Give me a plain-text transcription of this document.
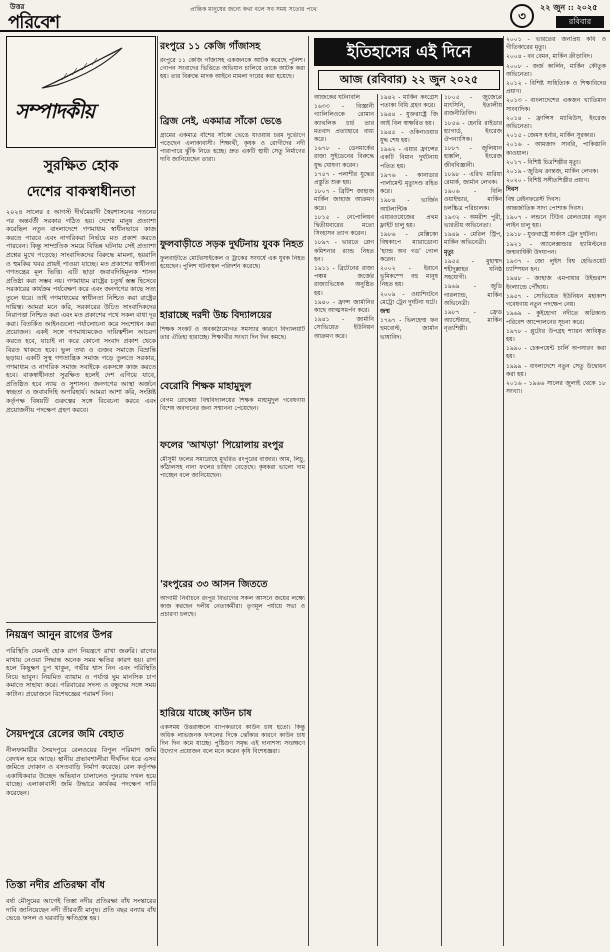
উত্তর
পরিবেশ
প্রান্তিক মানুষের জন্যে কথা বলে সব সময় সত্যের পথে	৩
২২ জুন :: ২০২৫
রবিবার
সম্পাদকীয়
সুরক্ষিত হোক
দেশের বাকস্বাধীনতা
২০২৪ সালের ৫ আগস্ট দীর্ঘমেয়াদী স্বৈরশাসনের পতনের পর অন্তর্বর্তী সরকার গঠিত হয়। দেশের মানুষ প্রত্যাশা করেছিল নতুন বাংলাদেশে গণমাধ্যম স্বাধীনভাবে কাজ করতে পারবে এবং নাগরিকরা নির্ভয়ে মত প্রকাশ করতে পারবেন। কিন্তু সাম্প্রতিক সময়ে বিভিন্ন ঘটনায় সেই প্রত্যাশা প্রশ্নের মুখে পড়েছে। সাংবাদিকদের বিরুদ্ধে মামলা, হয়রানি ও হুমকির খবর প্রায়ই পাওয়া যাচ্ছে। মত প্রকাশের স্বাধীনতা গণতন্ত্রের মূল ভিত্তি। এটি ছাড়া জবাবদিহিমূলক শাসন প্রতিষ্ঠা করা সম্ভব নয়। গণমাধ্যম রাষ্ট্রের চতুর্থ স্তম্ভ হিসেবে সরকারের কার্যক্রম পর্যবেক্ষণ করে এবং জনগণের কাছে সত্য তুলে ধরে। তাই গণমাধ্যমের স্বাধীনতা নিশ্চিত করা রাষ্ট্রের দায়িত্ব। আমরা মনে করি, সরকারের উচিত সাংবাদিকদের নিরাপত্তা নিশ্চিত করা এবং মত প্রকাশের পথে সকল বাধা দূর করা। বিতর্কিত আইনগুলো পর্যালোচনা করে সংশোধন করা প্রয়োজন। একই সঙ্গে গণমাধ্যমকেও দায়িত্বশীল আচরণ করতে হবে, যাচাই না করে কোনো সংবাদ প্রকাশ থেকে বিরত থাকতে হবে। ভুল তথ্য ও গুজব সমাজে বিভ্রান্তি ছড়ায়। একটি সুস্থ গণতান্ত্রিক সমাজ গড়ে তুলতে সরকার, গণমাধ্যম ও নাগরিক সমাজ সবাইকে একসঙ্গে কাজ করতে হবে। বাকস্বাধীনতা সুরক্ষিত হলেই দেশ এগিয়ে যাবে, প্রতিষ্ঠিত হবে ন্যায় ও সুশাসন। জনগণের আস্থা অর্জনে স্বচ্ছতা ও জবাবদিহি অপরিহার্য। আমরা আশা করি, সংশ্লিষ্ট কর্তৃপক্ষ বিষয়টি গুরুত্বের সঙ্গে বিবেচনা করবে এবং প্রয়োজনীয় পদক্ষেপ গ্রহণ করবে।
নিয়ন্ত্রণ আনুন রাগের উপর
পরিস্থিতি যেমনই হোক রাগ নিয়ন্ত্রণে রাখা জরুরি। রাগের মাথায় নেওয়া সিদ্ধান্ত অনেক সময় ক্ষতির কারণ হয়। রাগ হলে কিছুক্ষণ চুপ থাকুন, গভীর শ্বাস নিন এবং পরিস্থিতি নিয়ে ভাবুন। নিয়মিত ব্যায়াম ও পর্যাপ্ত ঘুম মানসিক চাপ কমাতে সাহায্য করে। পরিবারের সদস্য ও বন্ধুদের সঙ্গে সময় কাটান। প্রয়োজনে বিশেষজ্ঞের পরামর্শ নিন।
সৈয়দপুরে রেলের জমি বেহাত
নীলফামারীর সৈয়দপুরে রেলওয়ের বিপুল পরিমাণ জমি বেদখল হয়ে আছে। স্থানীয় প্রভাবশালীরা দীর্ঘদিন ধরে এসব জমিতে দোকান ও বসতবাড়ি নির্মাণ করেছে। রেল কর্তৃপক্ষ একাধিকবার উচ্ছেদ অভিযান চালালেও পুনরায় দখল হয়ে যাচ্ছে। এলাকাবাসী জমি উদ্ধারে কার্যকর পদক্ষেপ দাবি করেছেন।
তিস্তা নদীর প্রতিরক্ষা বাঁধ
বর্ষা মৌসুমের আগেই তিস্তা নদীর প্রতিরক্ষা বাঁধ সংস্কারের দাবি জানিয়েছেন নদী তীরবর্তী মানুষ। প্রতি বছর বন্যায় বাঁধ ভেঙে ফসল ও ঘরবাড়ি ক্ষতিগ্রস্ত হয়।
রংপুরে ১১ কেজি গাঁজাসহ
রংপুরে ১১ কেজি গাঁজাসহ একজনকে আটক করেছে পুলিশ। গোপন সংবাদের ভিত্তিতে অভিযান চালিয়ে তাকে আটক করা হয়। তার বিরুদ্ধে মাদক আইনে মামলা দায়ের করা হয়েছে।
ব্রিজ নেই, একমাত্র সাঁকো ভেঙে
গ্রামের একমাত্র বাঁশের সাঁকো ভেঙে যাওয়ায় চরম দুর্ভোগে পড়েছেন এলাকাবাসী। শিক্ষার্থী, কৃষক ও রোগীদের নদী পারাপারে ঝুঁকি নিতে হচ্ছে। দ্রুত একটি স্থায়ী সেতু নির্মাণের দাবি জানিয়েছেন তারা।
ফুলবাড়ীতে সড়ক দুর্ঘটনায় যুবক নিহত
ফুলবাড়ীতে মোটরসাইকেল ও ট্রাকের সংঘর্ষে এক যুবক নিহত হয়েছেন। পুলিশ ঘটনাস্থল পরিদর্শন করেছে।
হারাচ্ছে দরদী উচ্চ বিদ্যালয়ের
শিক্ষক সংকট ও অবকাঠামোগত সমস্যার কারণে বিদ্যালয়টি তার ঐতিহ্য হারাচ্ছে। শিক্ষার্থীর সংখ্যা দিন দিন কমছে।
বেরোবি শিক্ষক মাহামুদুল
বেগম রোকেয়া বিশ্ববিদ্যালয়ের শিক্ষক মাহামুদুল গবেষণায় বিশেষ অবদানের জন্য সম্মাননা পেয়েছেন।
ফলের 'আখড়া' পিয়োলায় রংপুর
মৌসুমী ফলের সমারোহে মুখরিত রংপুরের বাজার। আম, লিচু, কাঁঠালসহ নানা ফলের চাহিদা বেড়েছে। কৃষকরা ভালো দাম পাচ্ছেন বলে জানিয়েছেন।
'রংপুরের ৩৩ আসন জিততে
আগামী নির্বাচনে রংপুর বিভাগের সকল আসনে জয়ের লক্ষ্যে কাজ করছেন দলীয় নেতাকর্মীরা। তৃণমূল পর্যায়ে সভা ও প্রচারণা চলছে।
হারিয়ে যাচ্ছে কাউন চাষ
একসময় উত্তরাঞ্চলে ব্যাপকভাবে কাউন চাষ হতো। কিন্তু অধিক লাভজনক ফসলের দিকে ঝোঁকার কারণে কাউন চাষ দিন দিন কমে যাচ্ছে। পুষ্টিগুণ সমৃদ্ধ এই দানাশস্য সংরক্ষণে উদ্যোগ প্রয়োজন বলে মনে করেন কৃষি বিশেষজ্ঞরা।
ইতিহাসের এই দিনে
আজ (রবিবার) ২২ জুন ২০২৫

আজকের ঘটনাবলি

১৬৩৩ - বিজ্ঞানী গ্যালিলিওকে রোমান ক্যাথলিক চার্চ তার মতবাদ প্রত্যাহারে বাধ্য করে।

১৬৭৮ - ডেনমার্কের রাজা সুইডেনের বিরুদ্ধে যুদ্ধ ঘোষণা করেন।

১৭৫৭ - পলাশীর যুদ্ধের প্রস্তুতি শুরু হয়।

১৮০৭ - ব্রিটিশ জাহাজ মার্কিন জাহাজ আক্রমণ করে।

১৮১৫ - নেপোলিয়ন দ্বিতীয়বারের মতো সিংহাসন ত্যাগ করেন।

১৮৯৭ - ভারতে প্লেগ কমিশনার র‍্যান্ড নিহত হন।

১৯১১ - ব্রিটেনের রাজা পঞ্চম জর্জের রাজ্যাভিষেক অনুষ্ঠিত হয়।

১৯৪০ - ফ্রান্স জার্মানির কাছে আত্মসমর্পণ করে।

১৯৪১ - জার্মানি সোভিয়েত ইউনিয়ন আক্রমণ করে।

১৯৪২ - মার্কিন কংগ্রেস পতাকা বিধি গ্রহণ করে।

১৯৪৪ - যুক্তরাষ্ট্রে জি আই বিল স্বাক্ষরিত হয়।

১৯৪৫ - ওকিনাওয়ার যুদ্ধ শেষ হয়।

১৯৬২ - এয়ার ফ্রান্সের একটি বিমান দুর্ঘটনায় পতিত হয়।

১৯৭৬ - কানাডার পার্লামেন্ট মৃত্যুদণ্ড রহিত করে।

১৯৮৪ - ভার্জিন আটলান্টিক এয়ারওয়েজের প্রথম ফ্লাইট চালু হয়।

১৯৮৬ - মেক্সিকো বিশ্বকাপে ম্যারাডোনা 'হ্যান্ড অব গড' গোল করেন।

২০০২ - ইরানে ভূমিকম্পে বহু মানুষ নিহত হয়।

২০০৯ - ওয়াশিংটনে মেট্রো ট্রেন দুর্ঘটনা ঘটে।

জন্ম

১৭৬৭ - ভিলহেল্ম ফন হুমবোল্ট, জার্মান ভাষাবিদ।

১৮০৫ - জুজেপ্পে মাৎসিনি, ইতালীয় রাজনীতিবিদ।

১৮৫৬ - হেনরি রাইডার হ্যাগার্ড, ইংরেজ ঔপন্যাসিক।

১৮৮৭ - জুলিয়ান হাক্সলি, ইংরেজ জীববিজ্ঞানী।

১৮৯৮ - এরিখ মারিয়া রেমার্ক, জার্মান লেখক।

১৯০৬ - বিলি ওয়াইল্ডার, মার্কিন চলচ্চিত্র পরিচালক।

১৯৩২ - অমরীশ পুরী, ভারতীয় অভিনেতা।

১৯৪৯ - মেরিল স্ট্রিপ, মার্কিন অভিনেত্রী।

মৃত্যু

১৯৫৫ - মুহাম্মদ শহীদুল্লাহর ঘনিষ্ঠ সহযোগী।

১৯৬৯ - জুডি গারল্যান্ড, মার্কিন অভিনেত্রী।

১৯৮৭ - ফ্রেড অ্যাস্টেয়ার, মার্কিন নৃত্যশিল্পী।

২০০১ - ভারতের জনপ্রিয় কবি ও গীতিকারের মৃত্যু।

২০০৪ - বব বেমন, মার্কিন ক্রীড়াবিদ।

২০০৮ - জর্জ কার্লিন, মার্কিন কৌতুক অভিনেতা।

২০১২ - বিশিষ্ট সাহিত্যিক ও শিক্ষাবিদের প্রয়াণ।

২০১৩ - বাংলাদেশের একজন খ্যাতিমান সাংবাদিক।

২০১৪ - ফ্রান্সিস ম্যাথিউস, ইংরেজ অভিনেতা।

২০১৫ - জেমস হর্নার, মার্কিন সুরকার।

২০১৬ - আমজাদ সাবরি, পাকিস্তানি কাওয়াল।

২০১৭ - বিশিষ্ট চিত্রশিল্পীর মৃত্যু।

২০১৯ - জুডিথ ক্রান্তজ, মার্কিন লেখক।

২০২০ - বিশিষ্ট সঙ্গীতশিল্পীর প্রয়াণ।

দিবস

বিশ্ব রেইনফরেস্ট দিবস।

আন্তর্জাতিক সাদা পোশাক দিবস।

১৯০৭ - লন্ডনে টিউব রেলওয়ের নতুন লাইন চালু হয়।

১৯১৮ - যুক্তরাষ্ট্রে সার্কাস ট্রেন দুর্ঘটনা।

১৯২১ - অ্যালেক্সান্ডার হ্যামিল্টনের জন্মবার্ষিকী উদযাপন।

১৯৩৭ - জো লুইস বিশ্ব হেভিওয়েট চ্যাম্পিয়ন হন।

১৯৪৮ - জাহাজ এমপায়ার উইন্ডরাশ ইংল্যান্ডে পৌঁছায়।

১৯৫৭ - সোভিয়েত ইউনিয়ন মহাকাশ গবেষণায় নতুন পদক্ষেপ নেয়।

১৯৬৯ - কুইহোগা নদীতে অগ্নিকাণ্ড পরিবেশ আন্দোলনের সূচনা করে।

১৯৭৮ - প্লুটোর উপগ্রহ শ্যারন আবিষ্কৃত হয়।

১৯৯০ - চেকপয়েন্ট চার্লি অপসারণ করা হয়।

১৯৯৯ - বাংলাদেশে নতুন সেতু উদ্বোধন করা হয়।

২০১৬ - ১৯৬৬ সালের জুলাই থেকে ১৮ সংখ্যা।
